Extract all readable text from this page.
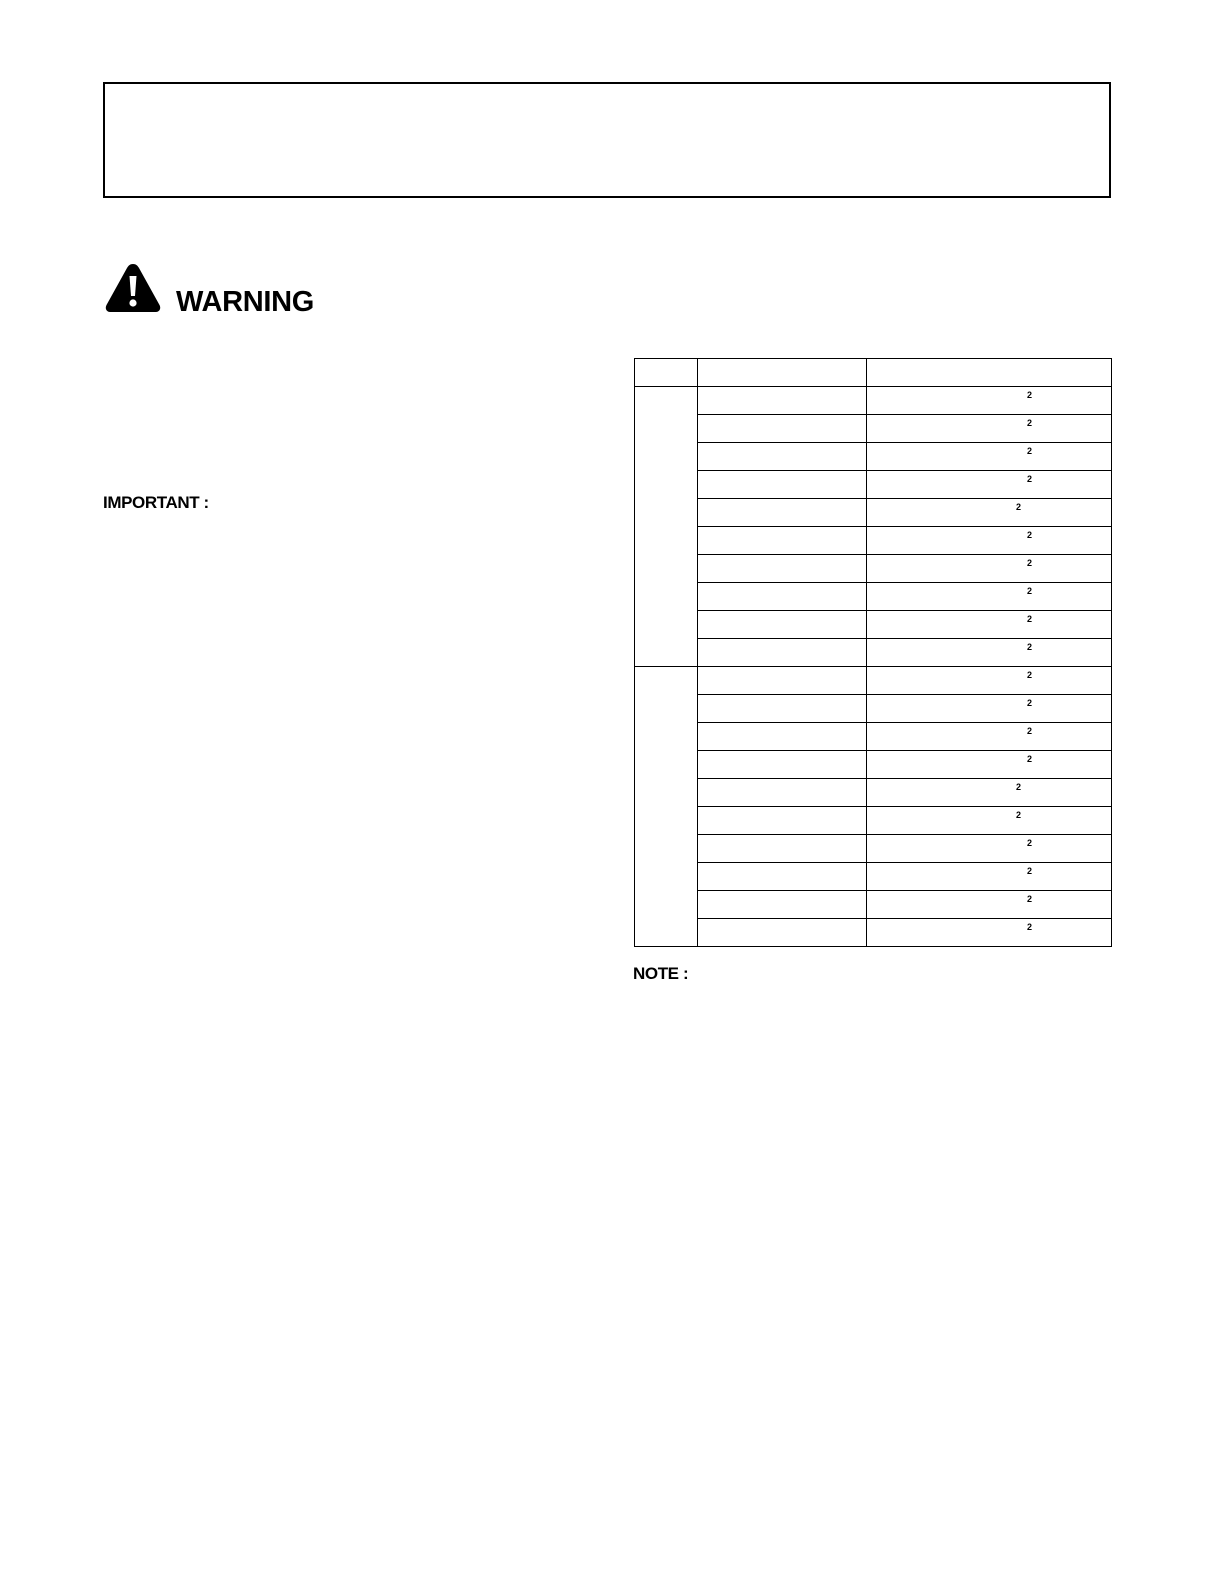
WARNING

IMPORTANT :

		2

		2

		2

		2

		2

		2

		2

		2

		2

		2

		2

		2

		2

		2

		2

		2

		2

		2

		2

		2

NOTE :
